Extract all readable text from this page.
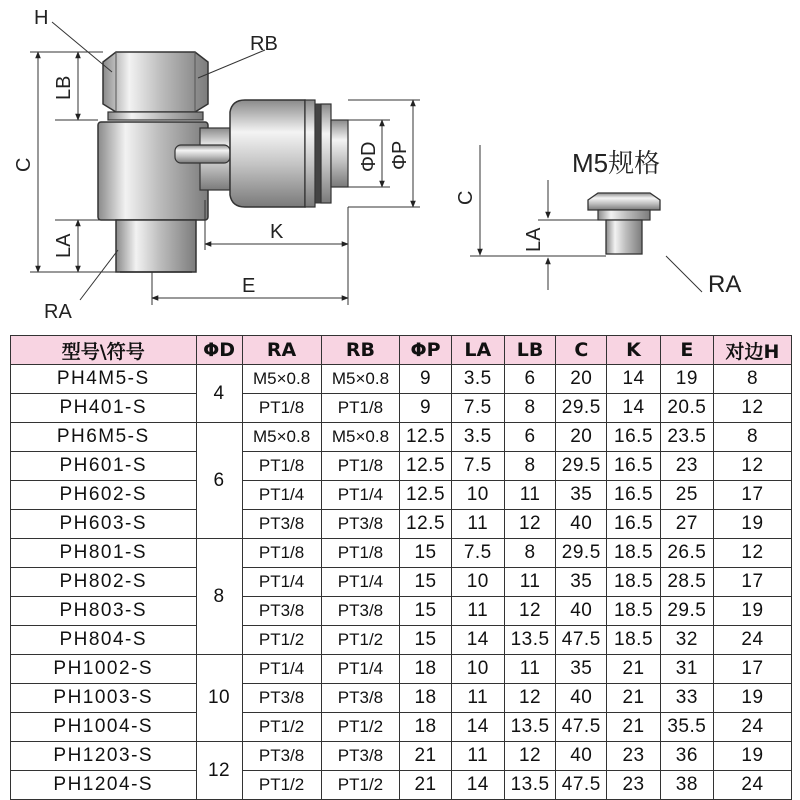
H
RB
LB
C
LA
RA
K
E
ΦD ΦP	M5规格
C
LA
RA
型号\符号	ΦD	RA	RB	ΦP	LA	LB	C	K	E	对边H
PH4M5-S	4	M5×0.8	M5×0.8	9	3.5	6	20	14	19	8
PH401-S		PT1/8	PT1/8	9	7.5	8	29.5	14	20.5	12
PH6M5-S	6	M5×0.8	M5×0.8	12.5	3.5	6	20	16.5	23.5	8
PH601-S		PT1/8	PT1/8	12.5	7.5	8	29.5	16.5	23	12
PH602-S		PT1/4	PT1/4	12.5	10	11	35	16.5	25	17
PH603-S		PT3/8	PT3/8	12.5	11	12	40	16.5	27	19
PH801-S	8	PT1/8	PT1/8	15	7.5	8	29.5	18.5	26.5	12
PH802-S		PT1/4	PT1/4	15	10	11	35	18.5	28.5	17
PH803-S		PT3/8	PT3/8	15	11	12	40	18.5	29.5	19
PH804-S		PT1/2	PT1/2	15	14	13.5	47.5	18.5	32	24
PH1002-S	10	PT1/4	PT1/4	18	10	11	35	21	31	17
PH1003-S		PT3/8	PT3/8	18	11	12	40	21	33	19
PH1004-S		PT1/2	PT1/2	18	14	13.5	47.5	21	35.5	24
PH1203-S	12	PT3/8	PT3/8	21	11	12	40	23	36	19
PH1204-S		PT1/2	PT1/2	21	14	13.5	47.5	23	38	24
